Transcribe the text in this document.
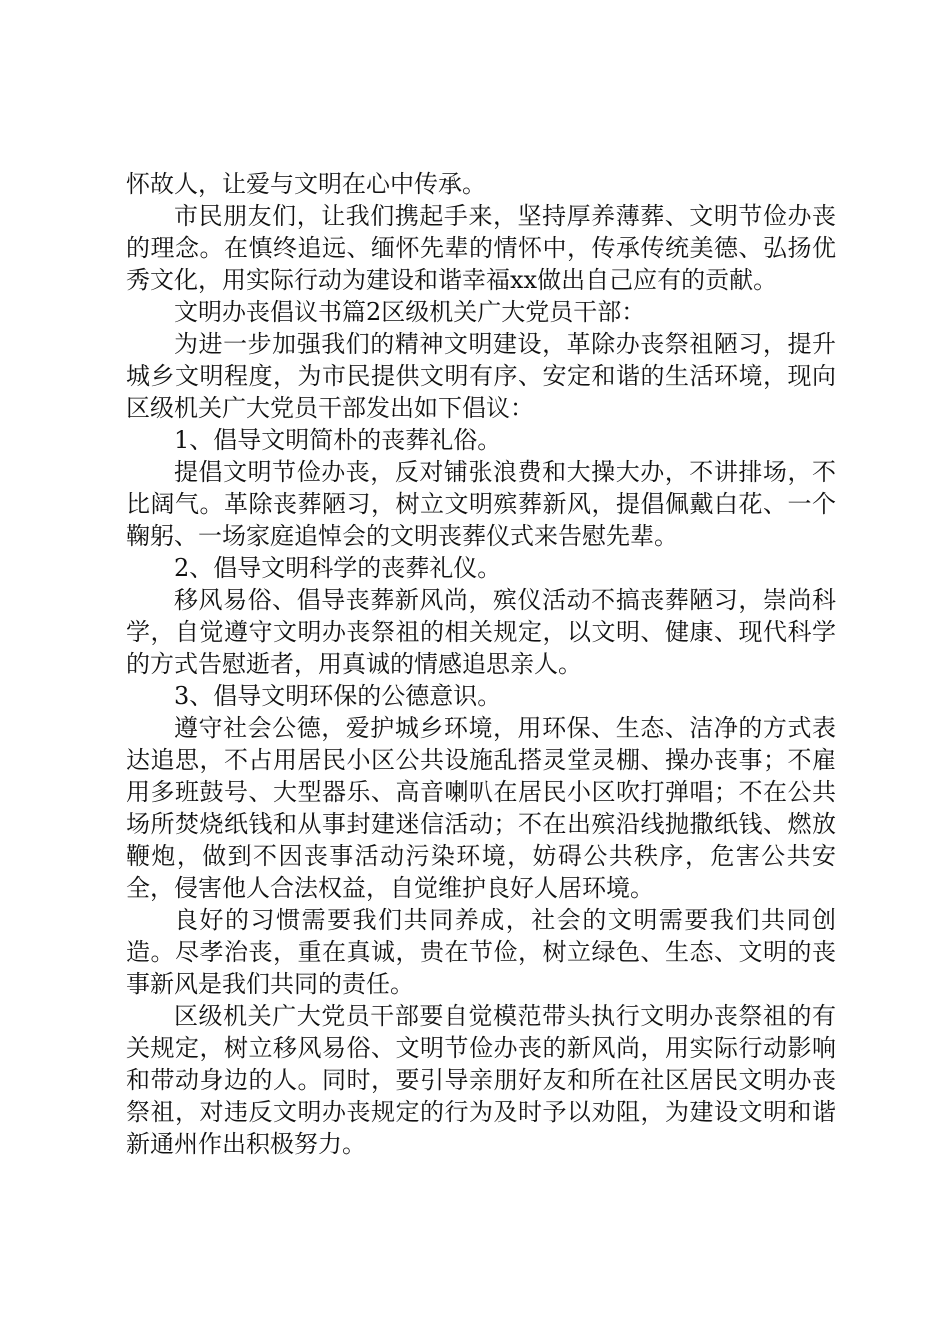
怀故人，让爱与文明在心中传承。

市民朋友们，让我们携起手来，坚持厚养薄葬、文明节俭办丧的理念。在慎终追远、缅怀先辈的情怀中，传承传统美德、弘扬优秀文化，用实际行动为建设和谐幸福xx做出自己应有的贡献。

文明办丧倡议书篇2区级机关广大党员干部：

为进一步加强我们的精神文明建设，革除办丧祭祖陋习，提升城乡文明程度，为市民提供文明有序、安定和谐的生活环境，现向区级机关广大党员干部发出如下倡议：

1、倡导文明简朴的丧葬礼俗。

提倡文明节俭办丧，反对铺张浪费和大操大办，不讲排场，不比阔气。革除丧葬陋习，树立文明殡葬新风，提倡佩戴白花、一个鞠躬、一场家庭追悼会的文明丧葬仪式来告慰先辈。

2、倡导文明科学的丧葬礼仪。

移风易俗、倡导丧葬新风尚，殡仪活动不搞丧葬陋习，崇尚科学，自觉遵守文明办丧祭祖的相关规定，以文明、健康、现代科学的方式告慰逝者，用真诚的情感追思亲人。

3、倡导文明环保的公德意识。

遵守社会公德，爱护城乡环境，用环保、生态、洁净的方式表达追思，不占用居民小区公共设施乱搭灵堂灵棚、操办丧事；不雇用多班鼓号、大型器乐、高音喇叭在居民小区吹打弹唱；不在公共场所焚烧纸钱和从事封建迷信活动；不在出殡沿线抛撒纸钱、燃放鞭炮，做到不因丧事活动污染环境，妨碍公共秩序，危害公共安全，侵害他人合法权益，自觉维护良好人居环境。

良好的习惯需要我们共同养成，社会的文明需要我们共同创造。尽孝治丧，重在真诚，贵在节俭，树立绿色、生态、文明的丧事新风是我们共同的责任。

区级机关广大党员干部要自觉模范带头执行文明办丧祭祖的有关规定，树立移风易俗、文明节俭办丧的新风尚，用实际行动影响和带动身边的人。同时，要引导亲朋好友和所在社区居民文明办丧祭祖，对违反文明办丧规定的行为及时予以劝阻，为建设文明和谐新通州作出积极努力。
